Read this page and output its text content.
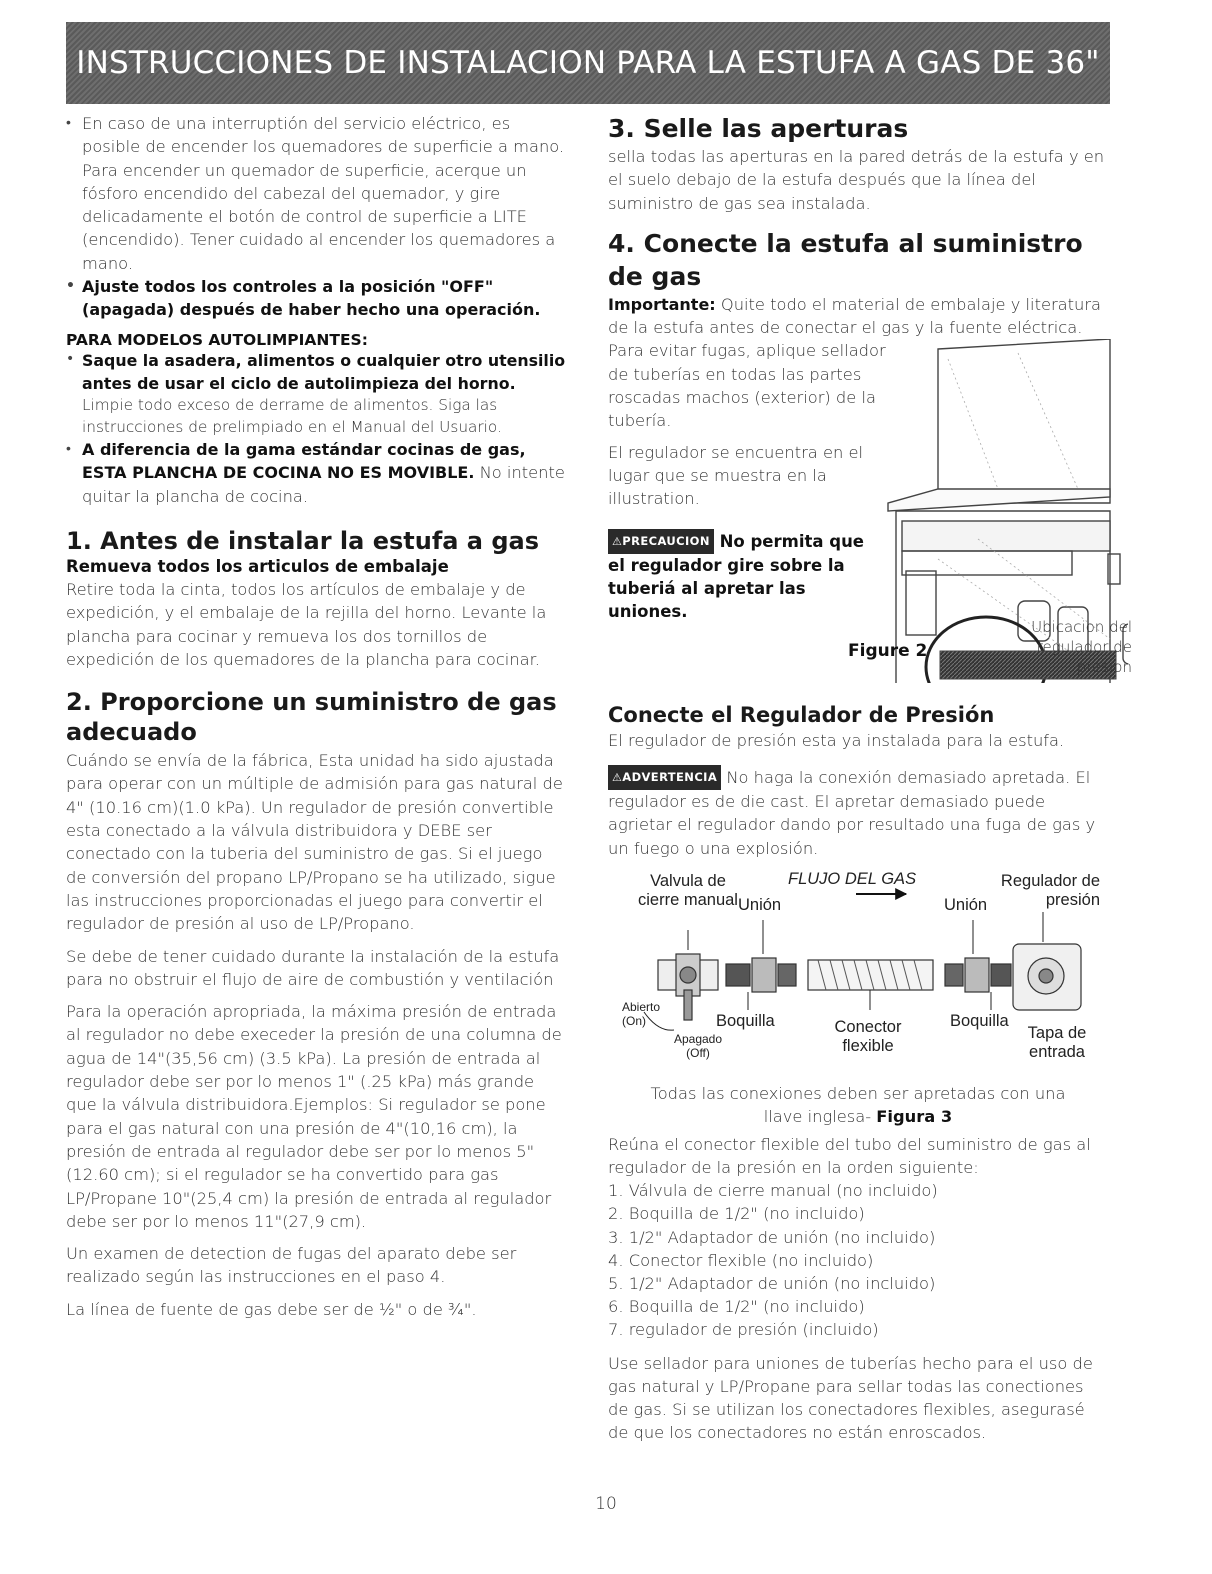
INSTRUCCIONES DE INSTALACION PARA LA ESTUFA A GAS DE 36"
• En caso de una interruptión del servicio eléctrico, es posible de encender los quemadores de superficie a mano. Para encender un quemador de superficie, acerque un fósforo encendido del cabezal del quemador, y gire delicadamente el botón de control de superficie a LITE (encendido). Tener cuidado al encender los quemadores a mano.
• Ajuste todos los controles a la posición "OFF" (apagada) después de haber hecho una operación.
PARA MODELOS AUTOLIMPIANTES:
• Saque la asadera, alimentos o cualquier otro utensilio antes de usar el ciclo de autolimpieza del horno.
Limpie todo exceso de derrame de alimentos. Siga las instrucciones de prelimpiado en el Manual del Usuario.
• A diferencia de la gama estándar cocinas de gas, ESTA PLANCHA DE COCINA NO ES MOVIBLE. No intente quitar la plancha de cocina.
1. Antes de instalar la estufa a gas
Remueva todos los articulos de embalaje
Retire toda la cinta, todos los artículos de embalaje y de expedición, y el embalaje de la rejilla del horno. Levante la plancha para cocinar y remueva los dos tornillos de expedición de los quemadores de la plancha para cocinar.
2. Proporcione un suministro de gas adecuado

Cuándo se envía de la fábrica, Esta unidad ha sido ajustada para operar con un múltiple de admisión para gas natural de 4" (10.16 cm)(1.0 kPa). Un regulador de presión convertible esta conectado a la válvula distribuidora y DEBE ser conectado con la tuberia del suministro de gas. Si el juego de conversión del propano LP/Propano se ha utilizado, sigue las instrucciones proporcionadas el juego para convertir el regulador de presión al uso de LP/Propano.

Se debe de tener cuidado durante la instalación de la estufa para no obstruir el flujo de aire de combustión y ventilación

Para la operación apropriada, la máxima presión de entrada al regulador no debe execeder la presión de una columna de agua de 14"(35,56 cm) (3.5 kPa). La presión de entrada al regulador debe ser por lo menos 1" (.25 kPa) más grande que la válvula distribuidora.Ejemplos: Si regulador se pone para el gas natural con una presión de 4"(10,16 cm), la presión de entrada al regulador debe ser por lo menos 5"(12.60 cm); si el regulador se ha convertido para gas LP/Propane 10"(25,4 cm) la presión de entrada al regulador debe ser por lo menos 11"(27,9 cm).

Un examen de detection de fugas del aparato debe ser realizado según las instrucciones en el paso 4.

La línea de fuente de gas debe ser de ½" o de ¾".

3. Selle las aperturas
sella todas las aperturas en la pared detrás de la estufa y en el suelo debajo de la estufa después que la línea del suministro de gas sea instalada.
4. Conecte la estufa al suministro de gas
Importante: Quite todo el material de embalaje y literatura de la estufa antes de conectar el gas y la fuente eléctrica.
Para evitar fugas, aplique sellador de tuberías en todas las partes roscadas machos (exterior) de la tubería.
El regulador se encuentra en el lugar que se muestra en la illustration.
⚠PRECAUCION No permita que el regulador gire sobre la tuberiá al apretar las uniones.
Figure 2
Ubicacion del regulador de presion
Conecte el Regulador de Presión
El regulador de presión esta ya instalada para la estufa.
⚠ADVERTENCIA No haga la conexión demasiado apretada. El regulador es de die cast. El apretar demasiado puede agrietar el regulador dando por resultado una fuga de gas y un fuego o una explosión.
Valvula de cierre manual
FLUJO DEL GAS	Regulador de presión
Unión	Unión
Abierto (On)	Boquilla
Apagado (Off)
Conector flexible
Boquilla
Tapa de entrada
Todas las conexiones deben ser apretadas con una llave inglesa- Figura 3
Reúna el conector flexible del tubo del suministro de gas al regulador de la presión en la orden siguiente:
1. Válvula de cierre manual (no incluido)
2. Boquilla de 1/2" (no incluido)
3. 1/2" Adaptador de unión (no incluido)
4. Conector flexible (no incluido)
5. 1/2" Adaptador de unión (no incluido)
6. Boquilla de 1/2" (no incluido)
7. regulador de presión (incluido)
Use sellador para uniones de tuberías hecho para el uso de gas natural y LP/Propane para sellar todas las conectiones de gas. Si se utilizan los conectadores flexibles, asegurasé de que los conectadores no están enroscados.
10
